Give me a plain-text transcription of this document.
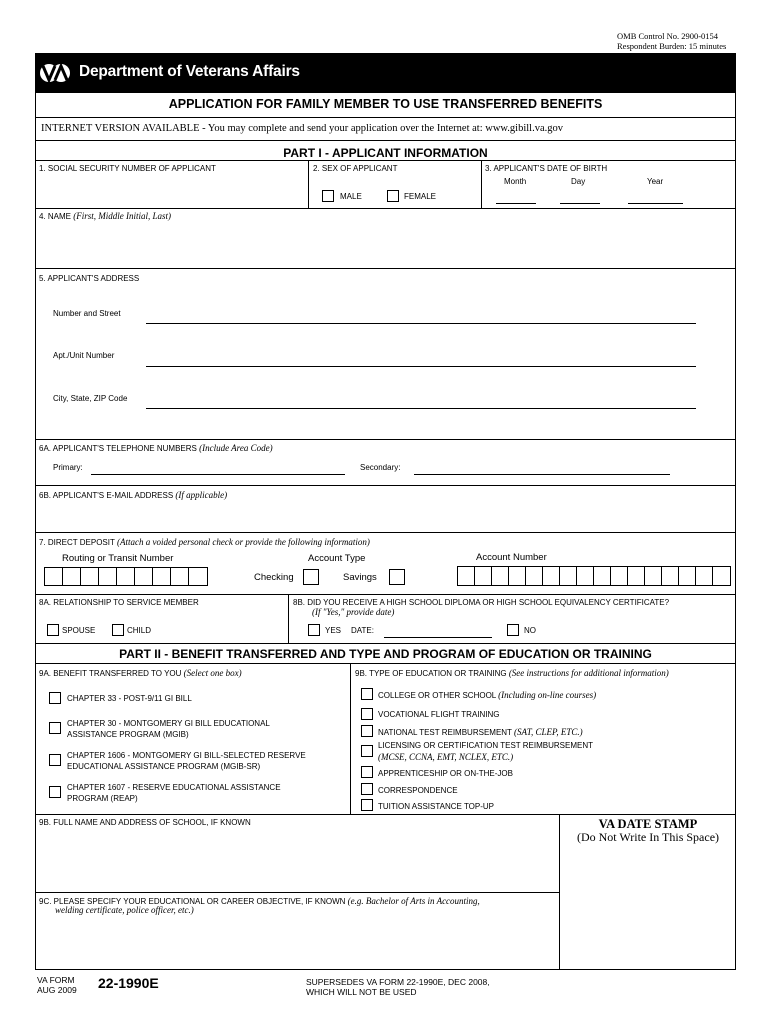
OMB Control No. 2900-0154
Respondent Burden: 15 minutes
Department of Veterans Affairs
APPLICATION FOR FAMILY MEMBER TO USE TRANSFERRED BENEFITS
INTERNET VERSION AVAILABLE - You may complete and send your application over the Internet at: www.gibill.va.gov
PART I - APPLICANT INFORMATION
1. SOCIAL SECURITY NUMBER OF APPLICANT	2. SEX OF APPLICANT
MALE	FEMALE
3. APPLICANT'S DATE OF BIRTH
Month	Day	Year
4. NAME (First, Middle Initial, Last)
5. APPLICANT'S ADDRESS
Number and Street
Apt./Unit Number
City, State, ZIP Code
6A. APPLICANT'S TELEPHONE NUMBERS (Include Area Code)
Primary:	Secondary:
6B. APPLICANT'S E-MAIL ADDRESS (If applicable)
7. DIRECT DEPOSIT (Attach a voided personal check or provide the following information)
Routing or Transit Number	Account Type
Checking	Savings
Account Number
8A. RELATIONSHIP TO SERVICE MEMBER
SPOUSE	CHILD
8B. DID YOU RECEIVE A HIGH SCHOOL DIPLOMA OR HIGH SCHOOL EQUIVALENCY CERTIFICATE?
(If "Yes," provide date)
YES DATE:	NO
PART II - BENEFIT TRANSFERRED AND TYPE AND PROGRAM OF EDUCATION OR TRAINING
9A. BENEFIT TRANSFERRED TO YOU (Select one box)
CHAPTER 33 - POST-9/11 GI BILL
CHAPTER 30 - MONTGOMERY GI BILL EDUCATIONAL ASSISTANCE PROGRAM (MGIB)
CHAPTER 1606 - MONTGOMERY GI BILL-SELECTED RESERVE EDUCATIONAL ASSISTANCE PROGRAM (MGIB-SR)
CHAPTER 1607 - RESERVE EDUCATIONAL ASSISTANCE PROGRAM (REAP)
9B. TYPE OF EDUCATION OR TRAINING (See instructions for additional information)
COLLEGE OR OTHER SCHOOL (Including on-line courses)
VOCATIONAL FLIGHT TRAINING
NATIONAL TEST REIMBURSEMENT (SAT, CLEP, ETC.)
LICENSING OR CERTIFICATION TEST REIMBURSEMENT
(MCSE, CCNA, EMT, NCLEX, ETC.)
APPRENTICESHIP OR ON-THE-JOB
CORRESPONDENCE
TUITION ASSISTANCE TOP-UP
9B. FULL NAME AND ADDRESS OF SCHOOL, IF KNOWN	VA DATE STAMP
(Do Not Write In This Space)
9C. PLEASE SPECIFY YOUR EDUCATIONAL OR CAREER OBJECTIVE, IF KNOWN (e.g. Bachelor of Arts in Accounting,
welding certificate, police officer, etc.)
VA FORM
AUG 2009 22-1990E	SUPERSEDES VA FORM 22-1990E, DEC 2008,
WHICH WILL NOT BE USED
